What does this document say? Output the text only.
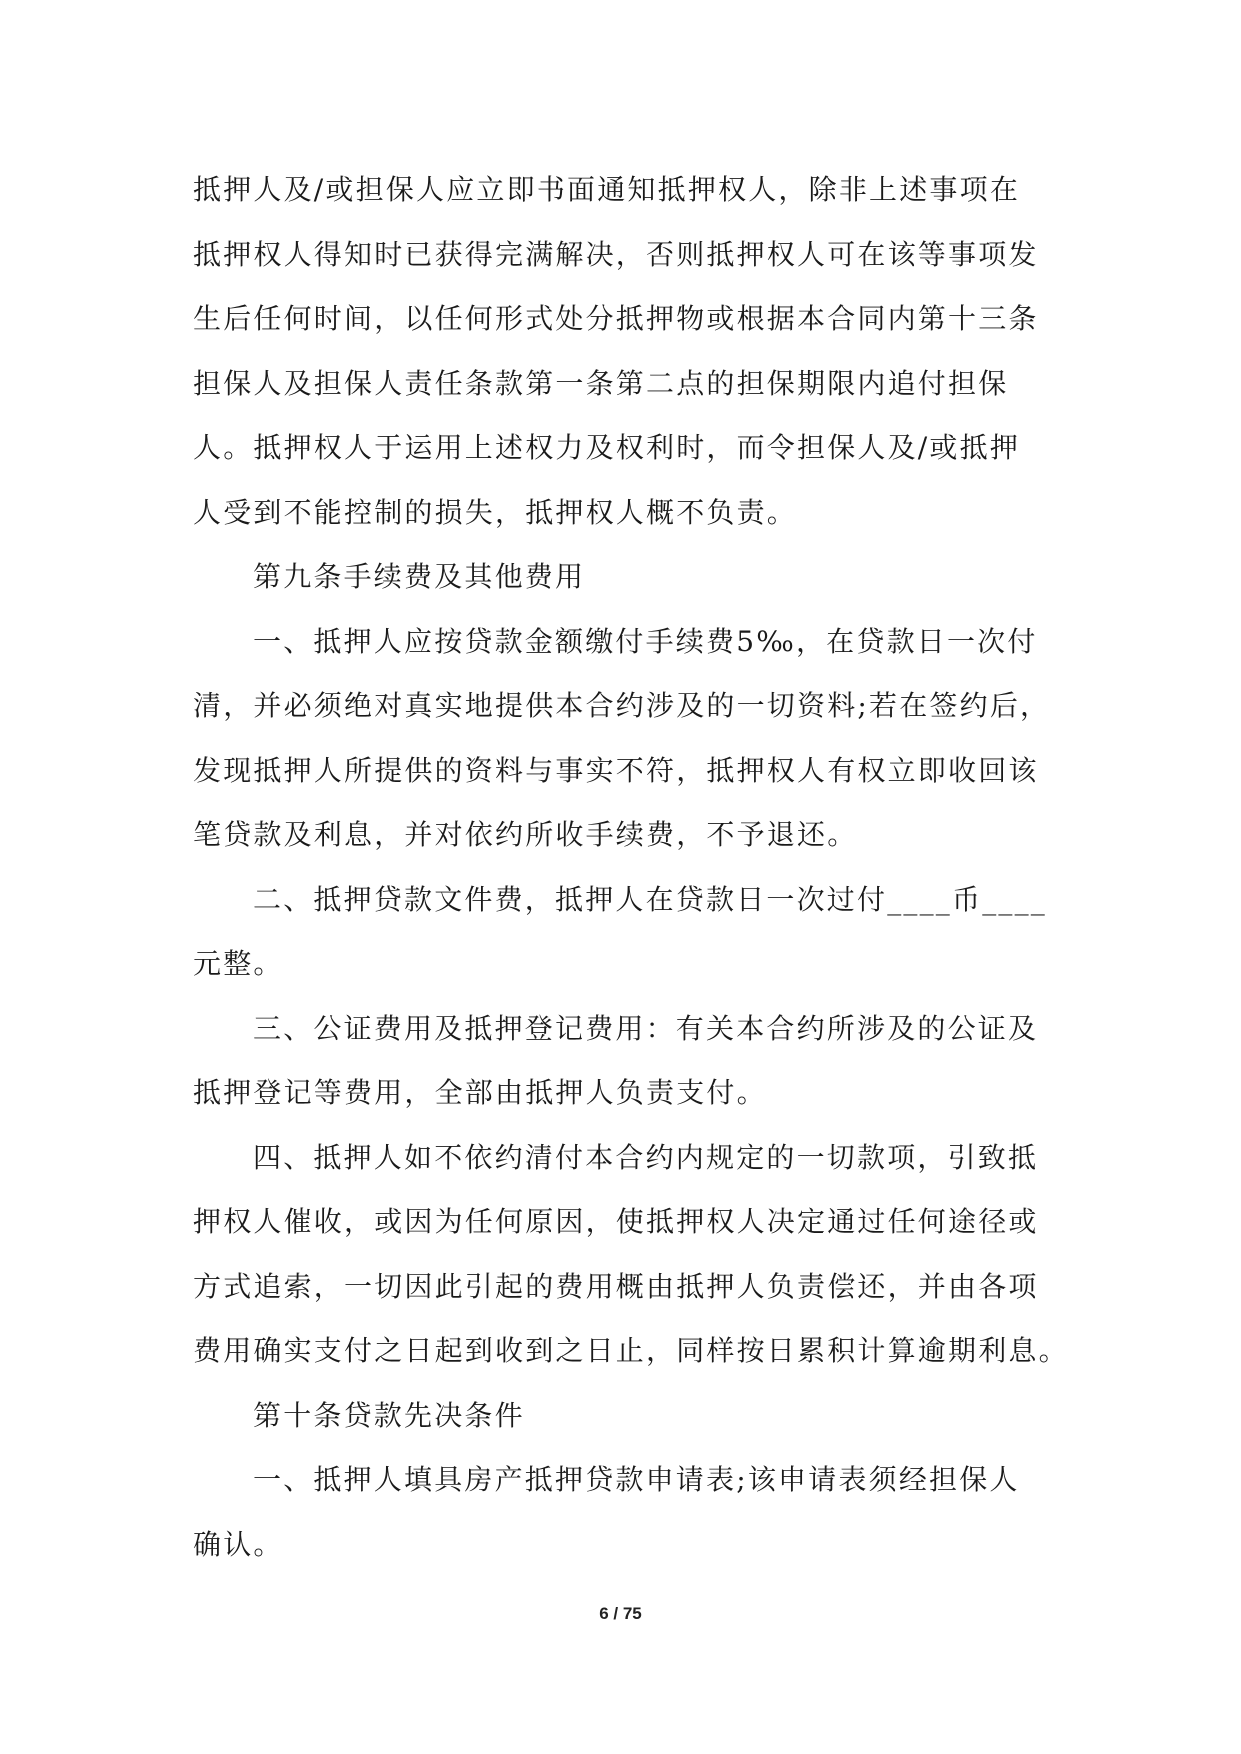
抵押人及/或担保人应立即书面通知抵押权人，除非上述事项在
抵押权人得知时已获得完满解决，否则抵押权人可在该等事项发
生后任何时间，以任何形式处分抵押物或根据本合同内第十三条
担保人及担保人责任条款第一条第二点的担保期限内追付担保
人。抵押权人于运用上述权力及权利时，而令担保人及/或抵押
人受到不能控制的损失，抵押权人概不负责。
第九条手续费及其他费用
一、抵押人应按贷款金额缴付手续费5‰，在贷款日一次付
清，并必须绝对真实地提供本合约涉及的一切资料;若在签约后，
发现抵押人所提供的资料与事实不符，抵押权人有权立即收回该
笔贷款及利息，并对依约所收手续费，不予退还。
二、抵押贷款文件费，抵押人在贷款日一次过付____币____
元整。
三、公证费用及抵押登记费用：有关本合约所涉及的公证及
抵押登记等费用，全部由抵押人负责支付。
四、抵押人如不依约清付本合约内规定的一切款项，引致抵
押权人催收，或因为任何原因，使抵押权人决定通过任何途径或
方式追索，一切因此引起的费用概由抵押人负责偿还，并由各项
费用确实支付之日起到收到之日止，同样按日累积计算逾期利息。
第十条贷款先决条件
一、抵押人填具房产抵押贷款申请表;该申请表须经担保人
确认。
6 / 75
